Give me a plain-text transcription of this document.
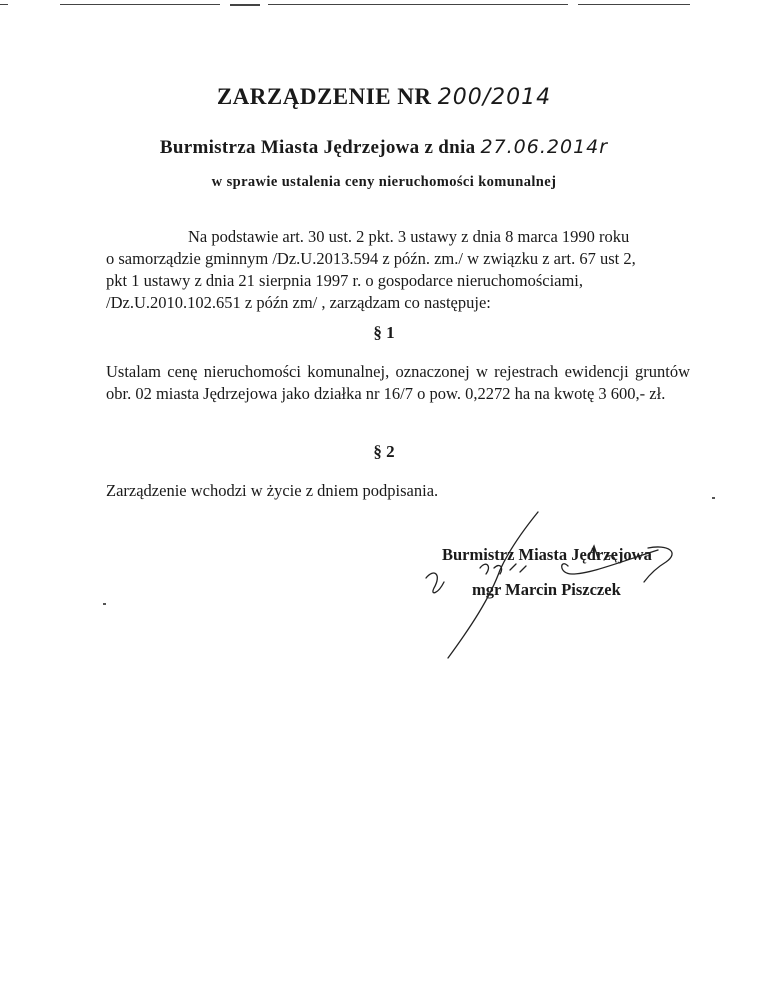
ZARZĄDZENIE NR 200/2014
Burmistrza Miasta Jędrzejowa z dnia 27.06.2014r
w sprawie ustalenia ceny nieruchomości komunalnej
Na podstawie art. 30 ust. 2 pkt. 3 ustawy z dnia 8 marca 1990 roku
o samorządzie gminnym /Dz.U.2013.594 z późn. zm./ w związku z art. 67 ust 2,
pkt 1 ustawy z dnia 21 sierpnia 1997 r. o gospodarce nieruchomościami,
/Dz.U.2010.102.651 z późn zm/ , zarządzam co następuje:
§ 1
Ustalam cenę nieruchomości komunalnej, oznaczonej w rejestrach ewidencji gruntów obr. 02 miasta Jędrzejowa jako działka nr 16/7 o pow. 0,2272 ha na kwotę 3 600,- zł.
§ 2
Zarządzenie wchodzi w życie z dniem podpisania.
Burmistrz Miasta Jędrzejowa
mgr Marcin Piszczek
